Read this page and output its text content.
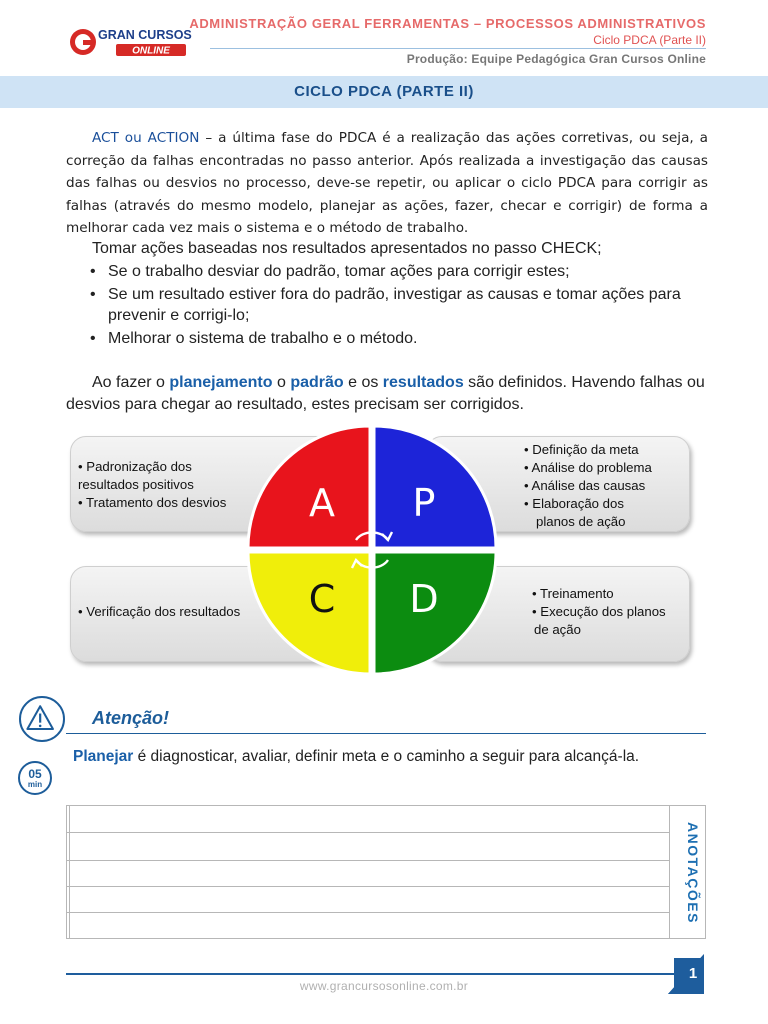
GRAN CURSOS
ONLINE
ADMINISTRAÇÃO GERAL FERRAMENTAS – PROCESSOS ADMINISTRATIVOS
Ciclo PDCA (Parte II)
Produção: Equipe Pedagógica Gran Cursos Online
CICLO PDCA (PARTE II)

ACT ou ACTION – a última fase do PDCA é a realização das ações corretivas, ou seja, a correção da falhas encontradas no passo anterior. Após realizada a investigação das causas das falhas ou desvios no processo, deve-se repetir, ou aplicar o ciclo PDCA para corrigir as falhas (através do mesmo modelo, planejar as ações, fazer, checar e corrigir) de forma a melhorar cada vez mais o sistema e o método de trabalho.

Tomar ações baseadas nos resultados apresentados no passo CHECK;

• Se o trabalho desviar do padrão, tomar ações para corrigir estes;
• Se um resultado estiver fora do padrão, investigar as causas e tomar ações para prevenir e corrigi-lo;
• Melhorar o sistema de trabalho e o método.

Ao fazer o planejamento o padrão e os resultados são definidos. Havendo falhas ou desvios para chegar ao resultado, estes precisam ser corrigidos.

• Padronização dos
resultados positivos
• Tratamento dos desvios
• Definição da meta
• Análise do problema
• Análise das causas
• Elaboração dos
planos de ação
• Verificação dos resultados
• Treinamento
• Execução dos planos
de ação
A P
C D
Atenção!
Planejar é diagnosticar, avaliar, definir meta e o caminho a seguir para alcançá-la.
05
min
ANOTAÇÕES
www.grancursosonline.com.br
1
